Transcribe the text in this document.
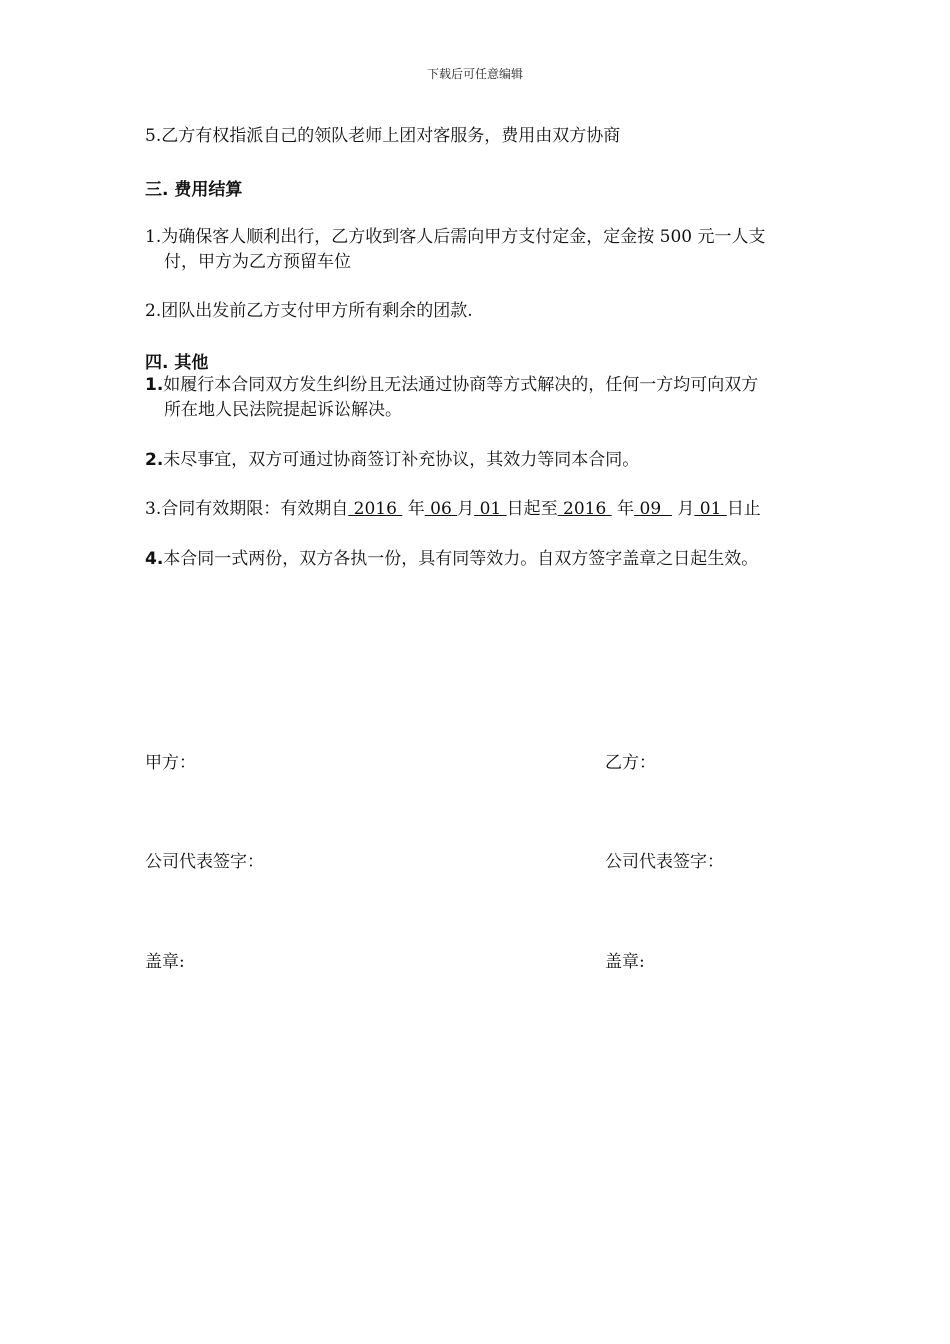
下载后可任意编辑
5.乙方有权指派自己的领队老师上团对客服务，费用由双方协商
三. 费用结算
1.为确保客人顺利出行，乙方收到客人后需向甲方支付定金，定金按 500 元一人支
付，甲方为乙方预留车位
2.团队出发前乙方支付甲方所有剩余的团款.
四. 其他
1.如履行本合同双方发生纠纷且无法通过协商等方式解决的，任何一方均可向双方
所在地人民法院提起诉讼解决。
2.未尽事宜，双方可通过协商签订补充协议，其效力等同本合同。
3.合同有效期限：有效期自 2016  年 06 月 01 日起至 2016  年 09   月 01 日止
4.本合同一式两份，双方各执一份，具有同等效力。自双方签字盖章之日起生效。
甲方：	乙方：
公司代表签字：	公司代表签字：
盖章:	盖章:
